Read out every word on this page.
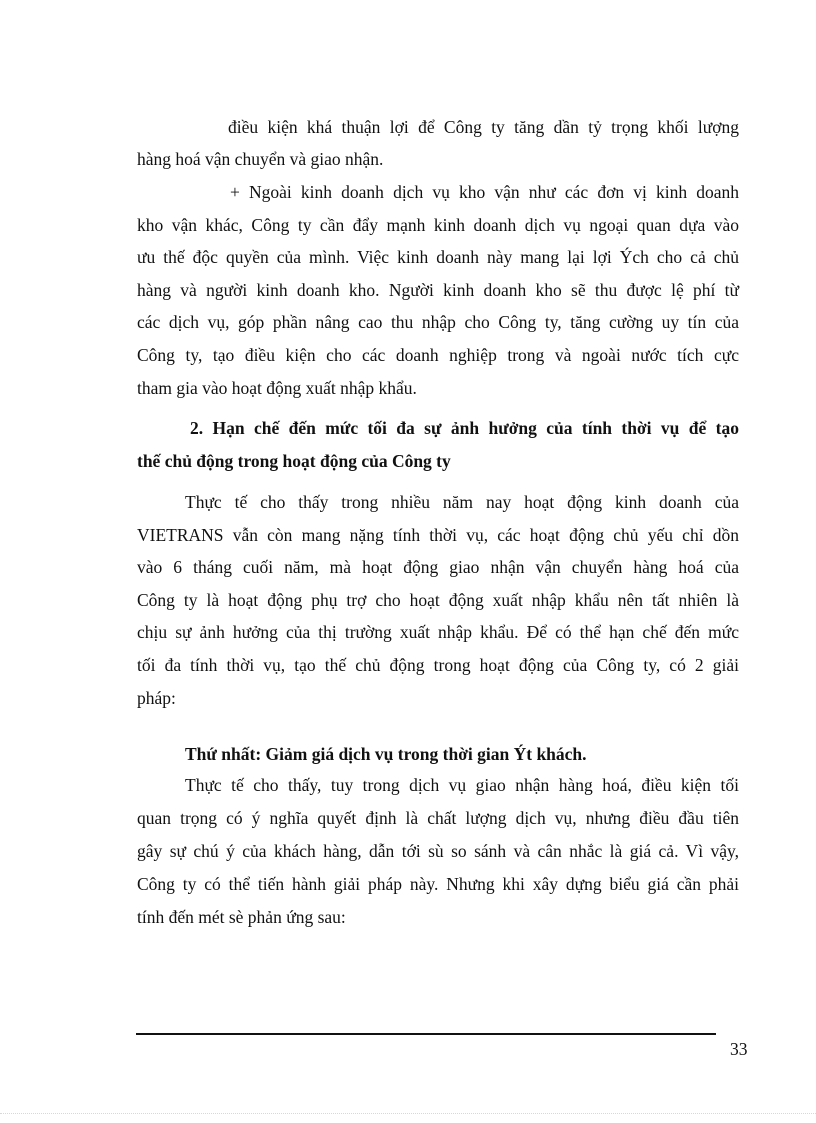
điều kiện khá thuận lợi để Công ty tăng dần tỷ trọng khối lượng
hàng hoá vận chuyển và giao nhận.
+ Ngoài kinh doanh dịch vụ kho vận như các đơn vị kinh doanh
kho vận khác, Công ty cần đẩy mạnh kinh doanh dịch vụ ngoại quan dựa vào
ưu thế độc quyền của mình. Việc kinh doanh này mang lại lợi Ých cho cả chủ
hàng và người kinh doanh kho. Người kinh doanh kho sẽ thu được lệ phí từ
các dịch vụ, góp phần nâng cao thu nhập cho Công ty, tăng cường uy tín của
Công ty, tạo điều kiện cho các doanh nghiệp trong và ngoài nước tích cực
tham gia vào hoạt động xuất nhập khẩu.
2. Hạn chế đến mức tối đa sự ảnh hưởng của tính thời vụ để tạo
thế chủ động trong hoạt động của Công ty
Thực tế cho thấy trong nhiều năm nay hoạt động kinh doanh của
VIETRANS vẫn còn mang nặng tính thời vụ, các hoạt động chủ yếu chỉ dồn
vào 6 tháng cuối năm, mà hoạt động giao nhận vận chuyển hàng hoá của
Công ty là hoạt động phụ trợ cho hoạt động xuất nhập khẩu nên tất nhiên là
chịu sự ảnh hưởng của thị trường xuất nhập khẩu. Để có thể hạn chế đến mức
tối đa tính thời vụ, tạo thế chủ động trong hoạt động của Công ty, có 2 giải
pháp:
Thứ nhất: Giảm giá dịch vụ trong thời gian Ýt khách.
Thực tế cho thấy, tuy trong dịch vụ giao nhận hàng hoá, điều kiện tối
quan trọng có ý nghĩa quyết định là chất lượng dịch vụ, nhưng điều đầu tiên
gây sự chú ý của khách hàng, dẫn tới sù so sánh và cân nhắc là giá cả. Vì vậy,
Công ty có thể tiến hành giải pháp này. Nhưng khi xây dựng biểu giá cần phải
tính đến mét sè phản ứng sau:
33
